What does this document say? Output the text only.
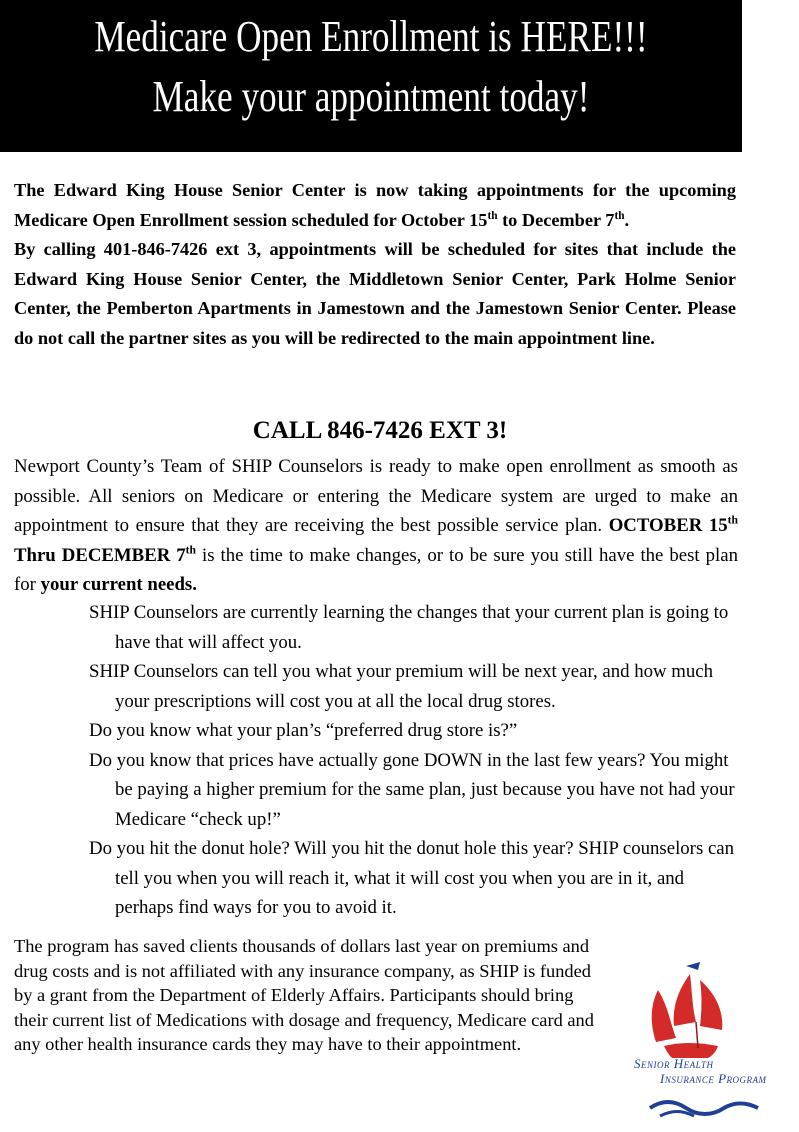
Medicare Open Enrollment is HERE!!!
Make your appointment today!
The Edward King House Senior Center is now taking appointments for the upcoming Medicare Open Enrollment session scheduled for October 15th to December 7th.
By calling 401-846-7426 ext 3, appointments will be scheduled for sites that include the Edward King House Senior Center, the Middletown Senior Center, Park Holme Senior Center, the Pemberton Apartments in Jamestown and the Jamestown Senior Center. Please do not call the partner sites as you will be redirected to the main appointment line.
CALL 846-7426 EXT 3!
Newport County’s Team of SHIP Counselors is ready to make open enrollment as smooth as possible. All seniors on Medicare or entering the Medicare system are urged to make an appointment to ensure that they are receiving the best possible service plan. OCTOBER 15th Thru DECEMBER 7th is the time to make changes, or to be sure you still have the best plan for your current needs.

SHIP Counselors are currently learning the changes that your current plan is going to have that will affect you.

SHIP Counselors can tell you what your premium will be next year, and how much your prescriptions will cost you at all the local drug stores.

Do you know what your plan’s “preferred drug store is?”

Do you know that prices have actually gone DOWN in the last few years? You might be paying a higher premium for the same plan, just because you have not had your Medicare “check up!”

Do you hit the donut hole? Will you hit the donut hole this year? SHIP counselors can tell you when you will reach it, what it will cost you when you are in it, and perhaps find ways for you to avoid it.

The program has saved clients thousands of dollars last year on premiums and drug costs and is not affiliated with any insurance company, as SHIP is funded by a grant from the Department of Elderly Affairs. Participants should bring their current list of Medications with dosage and frequency, Medicare card and any other health insurance cards they may have to their appointment.
Senior Health
Insurance Program
